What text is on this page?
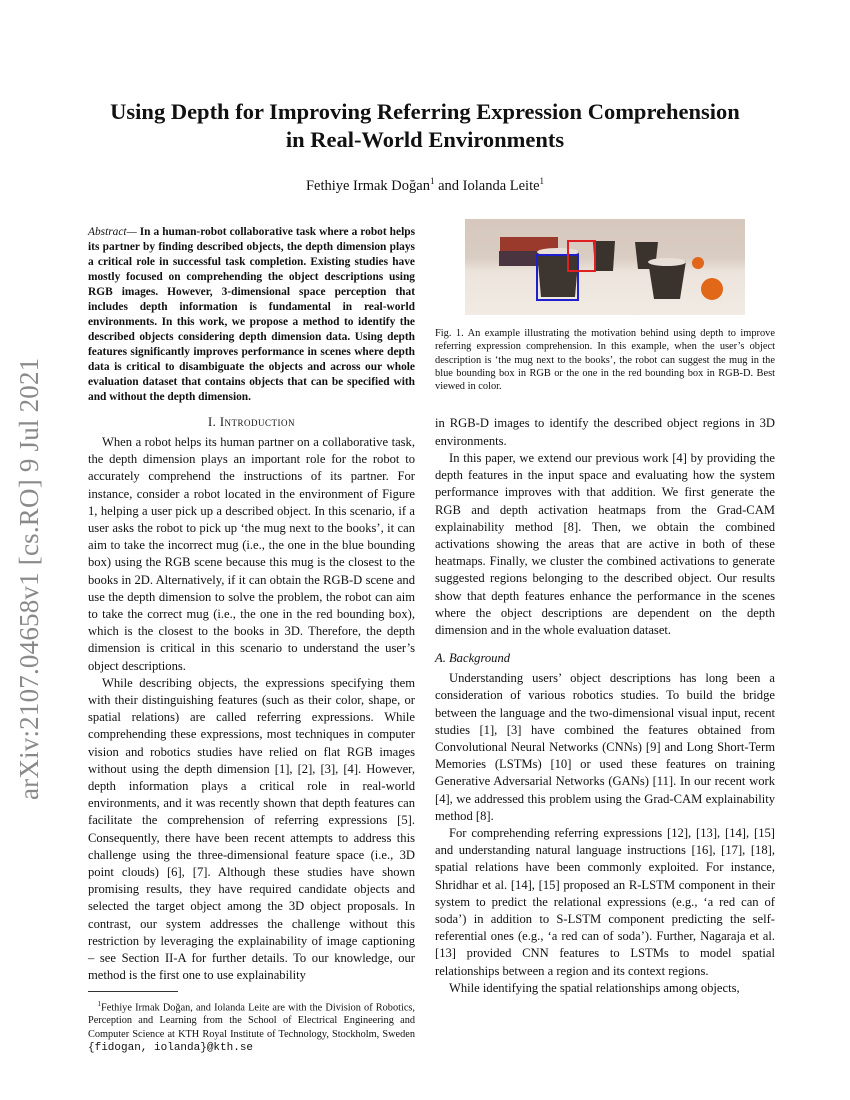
arXiv:2107.04658v1 [cs.RO] 9 Jul 2021
Using Depth for Improving Referring Expression Comprehension in Real-World Environments
Fethiye Irmak Doğan$^1$ and Iolanda Leite$^1$
Abstract— In a human-robot collaborative task where a robot helps its partner by finding described objects, the depth dimension plays a critical role in successful task completion. Existing studies have mostly focused on comprehending the object descriptions using RGB images. However, 3-dimensional space perception that includes depth information is fundamental in real-world environments. In this work, we propose a method to identify the described objects considering depth dimension data. Using depth features significantly improves performance in scenes where depth data is critical to disambiguate the objects and across our whole evaluation dataset that contains objects that can be specified with and without the depth dimension.
I. Introduction

When a robot helps its human partner on a collaborative task, the depth dimension plays an important role for the robot to accurately comprehend the instructions of its partner. For instance, consider a robot located in the environment of Figure 1, helping a user pick up a described object. In this scenario, if a user asks the robot to pick up ‘the mug next to the books’, it can aim to take the incorrect mug (i.e., the one in the blue bounding box) using the RGB scene because this mug is the closest to the books in 2D. Alternatively, if it can obtain the RGB-D scene and use the depth dimension to solve the problem, the robot can aim to take the correct mug (i.e., the one in the red bounding box), which is the closest to the books in 3D. Therefore, the depth dimension is critical in this scenario to understand the user’s object descriptions.

While describing objects, the expressions specifying them with their distinguishing features (such as their color, shape, or spatial relations) are called referring expressions. While comprehending these expressions, most techniques in computer vision and robotics studies have relied on flat RGB images without using the depth dimension [1], [2], [3], [4]. However, depth information plays a critical role in real-world environments, and it was recently shown that depth features can facilitate the comprehension of referring expressions [5]. Consequently, there have been recent attempts to address this challenge using the three-dimensional feature space (i.e., 3D point clouds) [6], [7]. Although these studies have shown promising results, they have required candidate objects and selected the target object among the 3D object proposals. In contrast, our system addresses the challenge without this restriction by leveraging the explainability of image captioning – see Section II-A for further details. To our knowledge, our method is the first one to use explainability

$^1$Fethiye Irmak Doğan, and Iolanda Leite are with the Division of Robotics, Perception and Learning from the School of Electrical Engineering and Computer Science at KTH Royal Institute of Technology, Stockholm, Sweden {fidogan, iolanda}@kth.se
Fig. 1. An example illustrating the motivation behind using depth to improve referring expression comprehension. In this example, when the user’s object description is ‘the mug next to the books’, the robot can suggest the mug in the blue bounding box in RGB or the one in the red bounding box in RGB-D. Best viewed in color.

in RGB-D images to identify the described object regions in 3D environments.

In this paper, we extend our previous work [4] by providing the depth features in the input space and evaluating how the system performance improves with that addition. We first generate the RGB and depth activation heatmaps from the Grad-CAM explainability method [8]. Then, we obtain the combined activations showing the areas that are active in both of these heatmaps. Finally, we cluster the combined activations to generate suggested regions belonging to the described object. Our results show that depth features enhance the performance in the scenes where the object descriptions are dependent on the depth dimension and in the whole evaluation dataset.

A. Background

Understanding users’ object descriptions has long been a consideration of various robotics studies. To build the bridge between the language and the two-dimensional visual input, recent studies [1], [3] have combined the features obtained from Convolutional Neural Networks (CNNs) [9] and Long Short-Term Memories (LSTMs) [10] or used these features on training Generative Adversarial Networks (GANs) [11]. In our recent work [4], we addressed this problem using the Grad-CAM explainability method [8].

For comprehending referring expressions [12], [13], [14], [15] and understanding natural language instructions [16], [17], [18], spatial relations have been commonly exploited. For instance, Shridhar et al. [14], [15] proposed an R-LSTM component in their system to predict the relational expressions (e.g., ‘a red can of soda’) in addition to S-LSTM component predicting the self-referential ones (e.g., ‘a red can of soda’). Further, Nagaraja et al. [13] provided CNN features to LSTMs to model spatial relationships between a region and its context regions.

While identifying the spatial relationships among objects,
